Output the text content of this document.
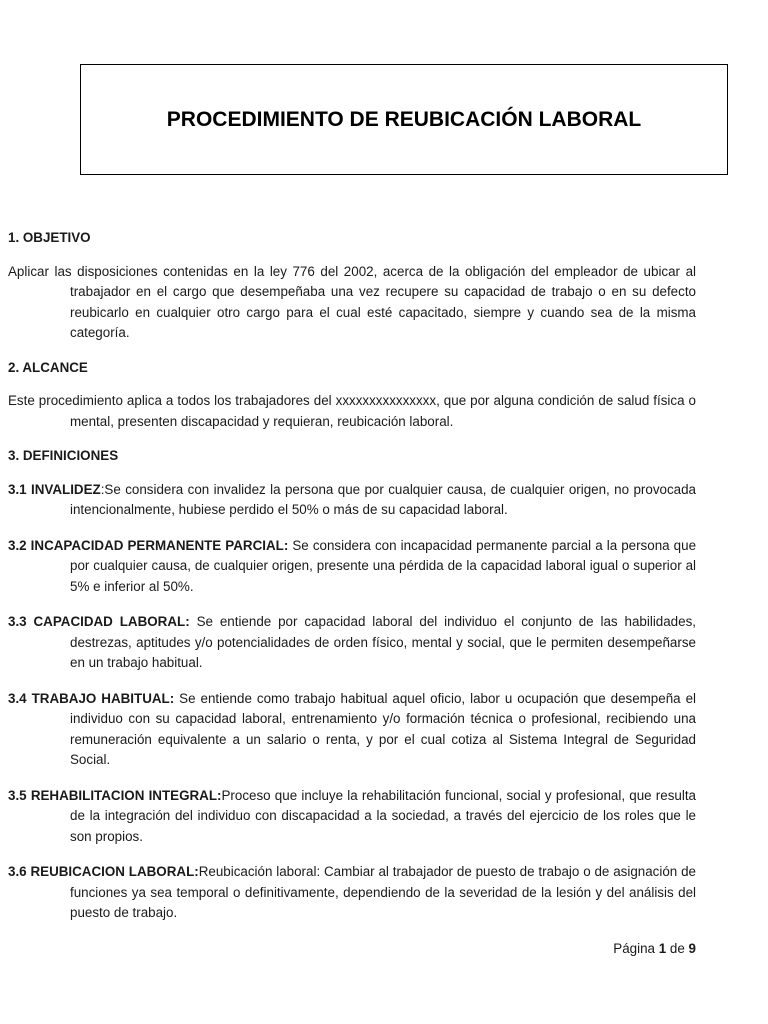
PROCEDIMIENTO DE REUBICACIÓN LABORAL

1. OBJETIVO

Aplicar las disposiciones contenidas en la ley 776 del 2002, acerca de la obligación del empleador de ubicar al trabajador en el cargo que desempeñaba una vez recupere su capacidad de trabajo o en su defecto reubicarlo en cualquier otro cargo para el cual esté capacitado, siempre y cuando sea de la misma categoría.

2. ALCANCE

Este procedimiento aplica a todos los trabajadores del xxxxxxxxxxxxxxx, que por alguna condición de salud física o mental, presenten discapacidad y requieran, reubicación laboral.

3. DEFINICIONES

3.1 INVALIDEZ:Se considera con invalidez la persona que por cualquier causa, de cualquier origen, no provocada intencionalmente, hubiese perdido el 50% o más de su capacidad laboral.

3.2 INCAPACIDAD PERMANENTE PARCIAL: Se considera con incapacidad permanente parcial a la persona que por cualquier causa, de cualquier origen, presente una pérdida de la capacidad laboral igual o superior al 5% e inferior al 50%.

3.3 CAPACIDAD LABORAL: Se entiende por capacidad laboral del individuo el conjunto de las habilidades, destrezas, aptitudes y/o potencialidades de orden físico, mental y social, que le permiten desempeñarse en un trabajo habitual.

3.4 TRABAJO HABITUAL: Se entiende como trabajo habitual aquel oficio, labor u ocupación que desempeña el individuo con su capacidad laboral, entrenamiento y/o formación técnica o profesional, recibiendo una remuneración equivalente a un salario o renta, y por el cual cotiza al Sistema Integral de Seguridad Social.

3.5 REHABILITACION INTEGRAL:Proceso que incluye la rehabilitación funcional, social y profesional, que resulta de la integración del individuo con discapacidad a la sociedad, a través del ejercicio de los roles que le son propios.

3.6 REUBICACION LABORAL:Reubicación laboral: Cambiar al trabajador de puesto de trabajo o de asignación de funciones ya sea temporal o definitivamente, dependiendo de la severidad de la lesión y del análisis del puesto de trabajo.

Página 1 de 9
